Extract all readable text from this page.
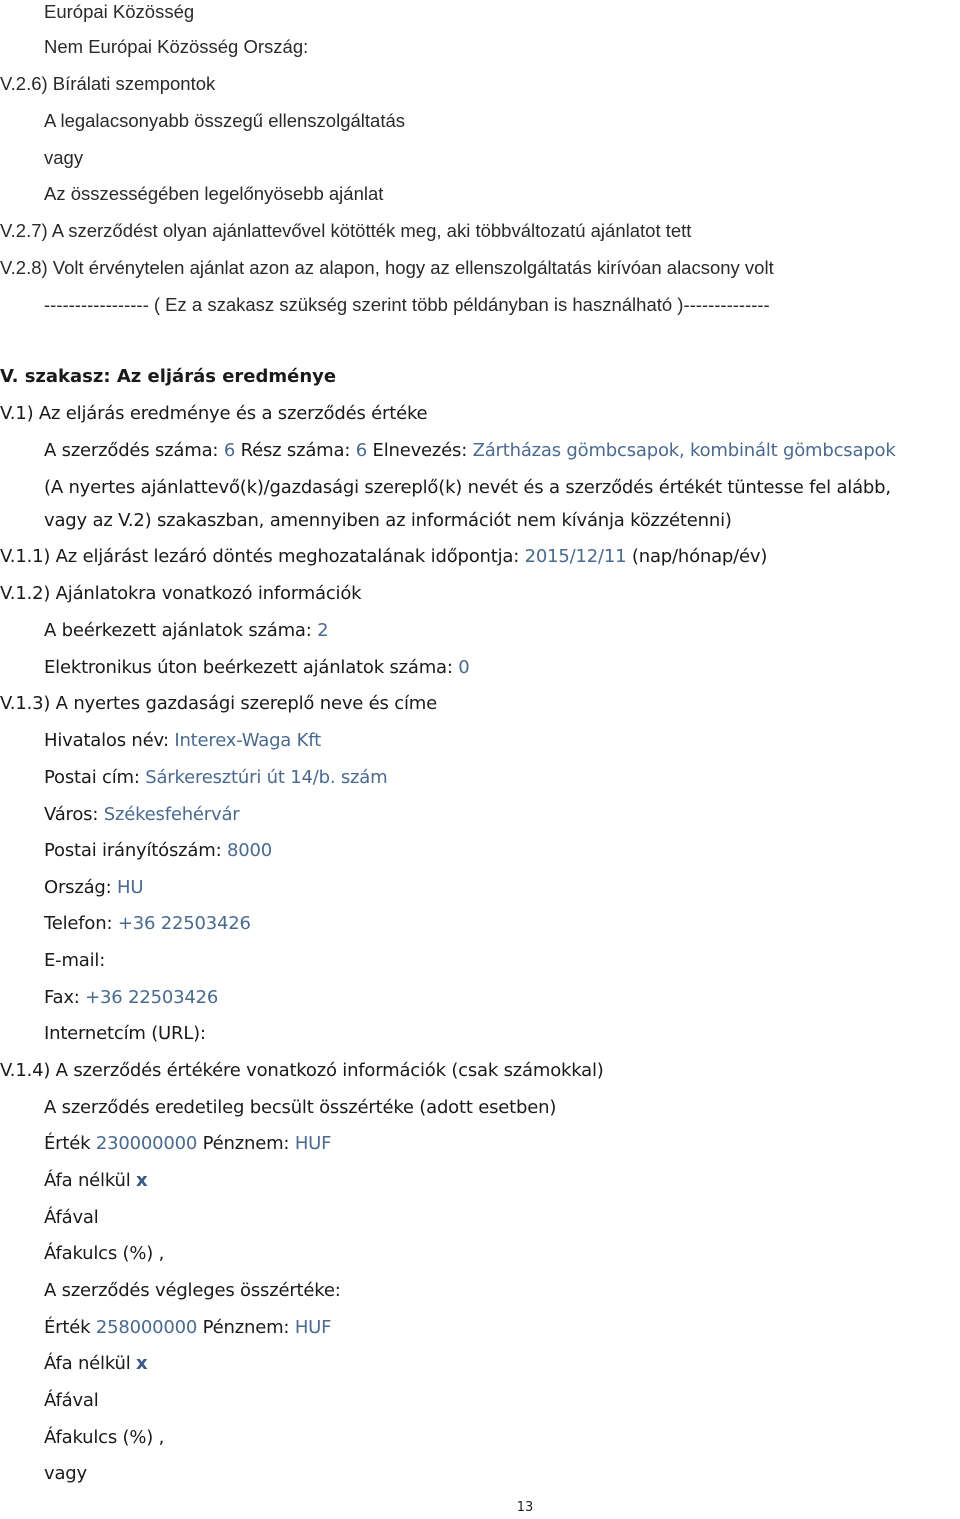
Európai Közösség
Nem Európai Közösség Ország:
V.2.6) Bírálati szempontok
A legalacsonyabb összegű ellenszolgáltatás
vagy
Az összességében legelőnyösebb ajánlat
V.2.7) A szerződést olyan ajánlattevővel kötötték meg, aki többváltozatú ajánlatot tett
V.2.8) Volt érvénytelen ajánlat azon az alapon, hogy az ellenszolgáltatás kirívóan alacsony volt
----------------- ( Ez a szakasz szükség szerint több példányban is használható )--------------
V. szakasz: Az eljárás eredménye
V.1) Az eljárás eredménye és a szerződés értéke
A szerződés száma: 6 Rész száma: 6 Elnevezés: Zártházas gömbcsapok, kombinált gömbcsapok
(A nyertes ajánlattevő(k)/gazdasági szereplő(k) nevét és a szerződés értékét tüntesse fel alább,
vagy az V.2) szakaszban, amennyiben az információt nem kívánja közzétenni)
V.1.1) Az eljárást lezáró döntés meghozatalának időpontja: 2015/12/11 (nap/hónap/év)
V.1.2) Ajánlatokra vonatkozó információk
A beérkezett ajánlatok száma: 2
Elektronikus úton beérkezett ajánlatok száma: 0
V.1.3) A nyertes gazdasági szereplő neve és címe
Hivatalos név: Interex-Waga Kft
Postai cím: Sárkeresztúri út 14/b. szám
Város: Székesfehérvár
Postai irányítószám: 8000
Ország: HU
Telefon: +36 22503426
E-mail:
Fax: +36 22503426
Internetcím (URL):
V.1.4) A szerződés értékére vonatkozó információk (csak számokkal)
A szerződés eredetileg becsült összértéke (adott esetben)
Érték 230000000 Pénznem: HUF
Áfa nélkül x
Áfával
Áfakulcs (%) ,
A szerződés végleges összértéke:
Érték 258000000 Pénznem: HUF
Áfa nélkül x
Áfával
Áfakulcs (%) ,
vagy
13
